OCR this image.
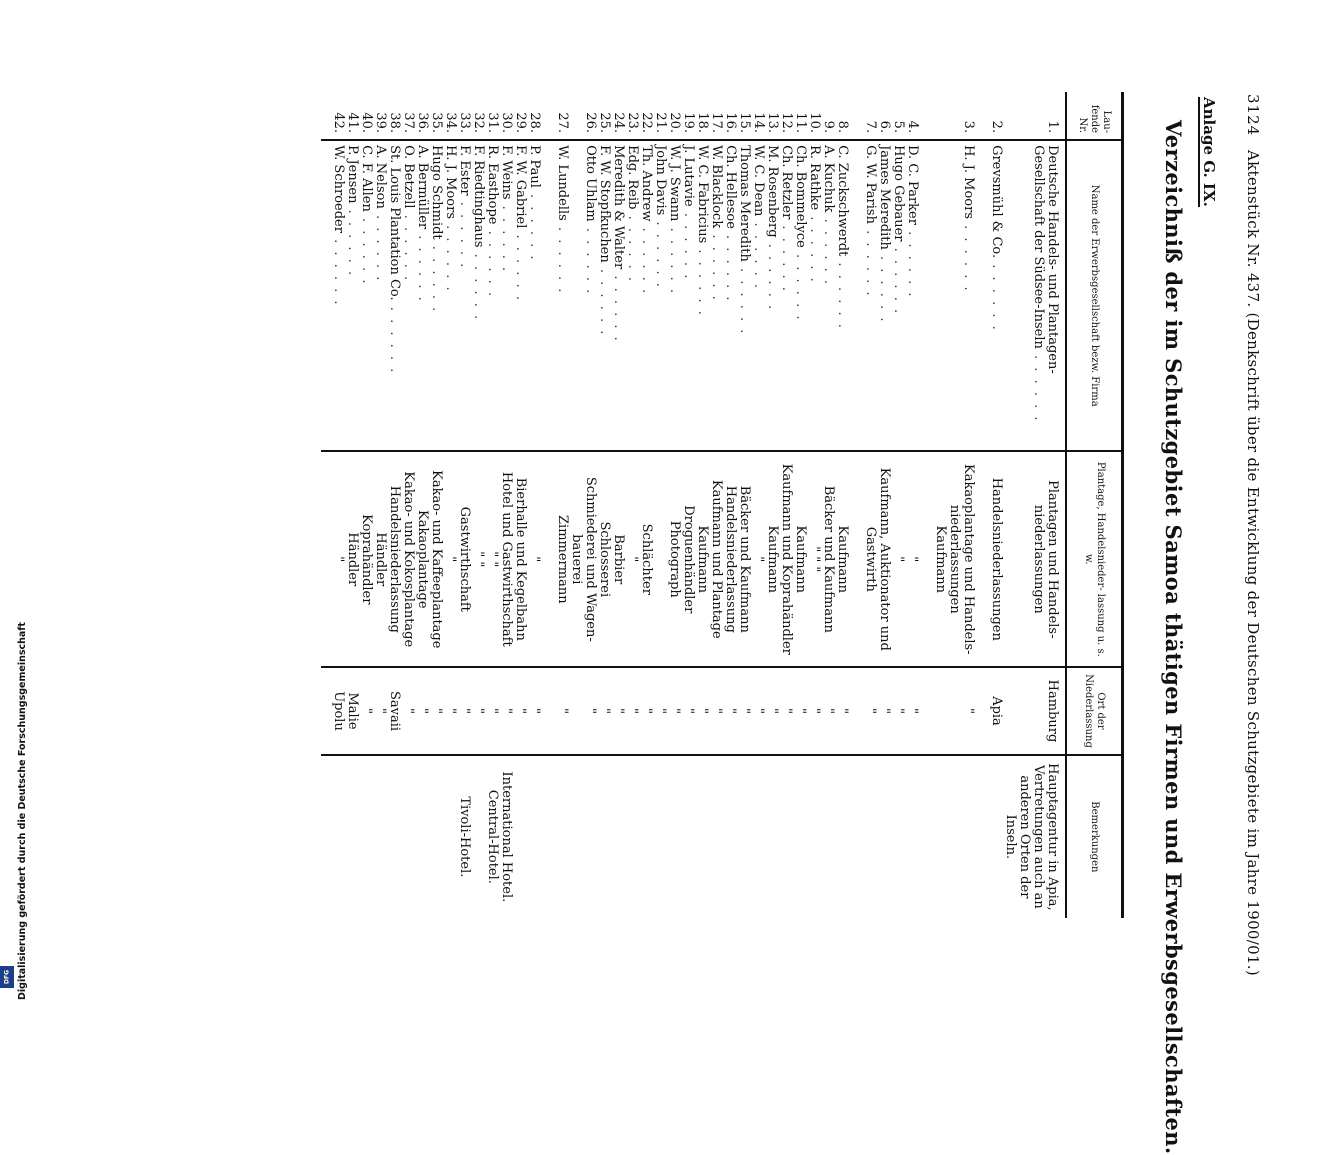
3124
Aktenstück Nr. 437. (Denkschrift über die Entwicklung der Deutschen Schutzgebiete im Jahre 1900/01.)
Anlage G. IX.
Verzeichniß der im Schutzgebiet Samoa thätigen Firmen und Erwerbsgesellschaften.
Lau- fende Nr.	Name der Erwerbsgesellschaft bezw. Firma	Plantage, Handelsnieder- lassung u. s. w.	Ort der Niederlassung	Bemerkungen
1.	Deutsche Handels- und Plantagen-Gesellschaft der Südsee-Inseln . . . . . .	Plantagen und Handels- niederlassungen	Hamburg	Hauptagentur in Apia, Vertretungen auch an anderen Orten der Inseln.
2.	Grevsmühl & Co. . . . . . .	Handelsniederlassungen	Apia	
3.	H. J. Moors . . . . . .	Kakaoplantage und Handels- niederlassungen	"	
		Kaufmann		
4.	D. C. Parker . . . . . .	"	"	
5.	Hugo Gebauer . . . . . .	"	"	
6.	James Meredith . . . . . .	Kaufmann, Auktionator und	"	
7.	G. W. Parish . . . . . .	Gastwirth	"	
8.	C. Zuckschwerdt . . . . . .	Kaufmann	"	
9.	A. Kuchuk . . . . . .	Bäcker und Kaufmann	"	
10.	R. Rathke . . . . . .	" " "	"	
11.	Ch. Bommelyce . . . . . .	Kaufmann	"	
12.	Ch. Retzler . . . . . .	Kaufmann und Koprahändler	"	
13.	M. Rosenberg . . . . . .	Kaufmann	"	
14.	W. C. Dean . . . . . .	"	"	
15.	Thomas Meredith . . . . . .	Bäcker und Kaufmann	"	
16.	Ch. Hellesoe . . . . . .	Handelsniederlassung	"	
17.	W. Blacklock . . . . . .	Kaufmann und Plantage	"	
18.	W. C. Fabricius . . . . . .	Kaufmann	"	
19.	J. Lutavie . . . . . .	Droguenhändler	"	
20.	W. J. Swann . . . . . .	Photograph	"	
21.	John Davis . . . . . .		"	
22.	Th. Andrew . . . . . .	Schlächter	"	
23.	Edg. Reib . . . . . .	"	"	
24.	Meredith & Walter . . . . . .	Barbier	"	
25.	F. W. Stopfkuchen . . . . . .	Schlosserei	"	
26.	Otto Uhlam . . . . . .	Schmiederei und Wagen- bauerei	"	
27.	W. Lundells . . . . . .	Zimmermann	"	
28.	P. Paul . . . . . .	"	"	
29.	F. W. Gabriel . . . . . .	Bierhalle und Kegelbahn	"	
30.	F. Weins . . . . . .	Hotel und Gastwirthschaft	"	International Hotel.
31.	R. Easthope . . . . . .	" "	"	Central-Hotel.
32.	F. Riedtinghaus . . . . . .	" "	"	
33.	F. Ester . . . . . .	Gastwirthschaft	"	Tivoli-Hotel.
34.	H. J. Moors . . . . . .	"	"	
35.	Hugo Schmidt . . . . . .	Kakao- und Kaffeeplantage	"	
36.	A. Bermüller . . . . . .	Kakaoplantage	"	
37.	O. Betzell . . . . . .	Kakao- und Kokosplantage	"	
38.	St. Louis Plantation Co. . . . . . .	Handelsniederlassung	Savaii	
39.	A. Nelson . . . . . .	Händler	"	
40.	C. F. Allen . . . . . .	Koprahändler	"	
41.	P. Jensen . . . . . .	Händler	Malie	
42.	W. Schroeder . . . . . .	"	Upolu	
Digitalisierung gefördert durch die Deutsche Forschungsgemeinschaft
DFG
